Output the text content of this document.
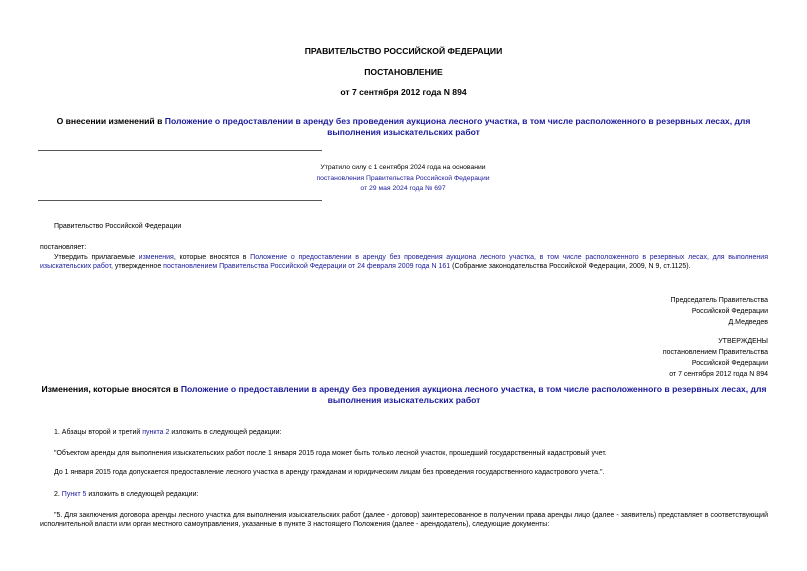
ПРАВИТЕЛЬСТВО РОССИЙСКОЙ ФЕДЕРАЦИИ
ПОСТАНОВЛЕНИЕ
от 7 сентября 2012 года N 894
О внесении изменений в Положение о предоставлении в аренду без проведения аукциона лесного участка, в том числе расположенного в резервных лесах, для выполнения изыскательских работ
Утратило силу с 1 сентября 2024 года на основании
постановления Правительства Российской Федерации
от 29 мая 2024 года № 697
Правительство Российской Федерации
постановляет:
Утвердить прилагаемые изменения, которые вносятся в Положение о предоставлении в аренду без проведения аукциона лесного участка, в том числе расположенного в резервных лесах, для выполнения изыскательских работ, утвержденное постановлением Правительства Российской Федерации от 24 февраля 2009 года N 161 (Собрание законодательства Российской Федерации, 2009, N 9, ст.1125).
Председатель Правительства
Российской Федерации
Д.Медведев
УТВЕРЖДЕНЫ
постановлением Правительства
Российской Федерации
от 7 сентября 2012 года N 894
Изменения, которые вносятся в Положение о предоставлении в аренду без проведения аукциона лесного участка, в том числе расположенного в резервных лесах, для выполнения изыскательских работ
1. Абзацы второй и третий пункта 2 изложить в следующей редакции:
"Объектом аренды для выполнения изыскательских работ после 1 января 2015 года может быть только лесной участок, прошедший государственный кадастровый учет.
До 1 января 2015 года допускается предоставление лесного участка в аренду гражданам и юридическим лицам без проведения государственного кадастрового учета.".
2. Пункт 5 изложить в следующей редакции:
"5. Для заключения договора аренды лесного участка для выполнения изыскательских работ (далее - договор) заинтересованное в получении права аренды лицо (далее - заявитель) представляет в соответствующий исполнительной власти или орган местного самоуправления, указанные в пункте 3 настоящего Положения (далее - арендодатель), следующие документы:
